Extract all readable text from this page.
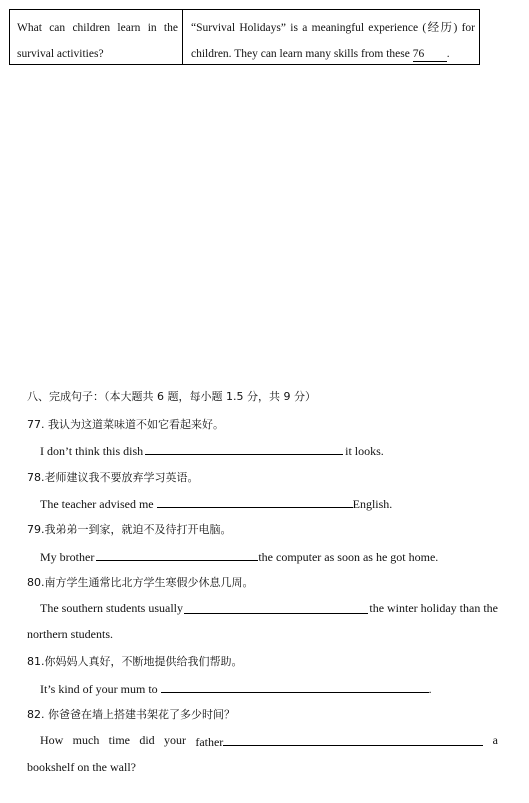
What can children learn in the survival activities?
“Survival Holidays” is a meaningful experience (经历) for children. They can learn many skills from these 76 .
八、完成句子：（本大题共 6 题，每小题 1.5 分，共 9 分）
77. 我认为这道菜味道不如它看起来好。
I don’t think this dish	it looks.
78.老师建议我不要放弃学习英语。
The teacher advised me	English.
79.我弟弟一到家，就迫不及待打开电脑。
My brother	the computer as soon as he got home.
80.南方学生通常比北方学生寒假少休息几周。
The southern students usually	the winter holiday than the
northern students.
81.你妈妈人真好，不断地提供给我们帮助。
It’s kind of your mum to	.
82. 你爸爸在墙上搭建书架花了多少时间？
How much time did your father	a
bookshelf on the wall?
